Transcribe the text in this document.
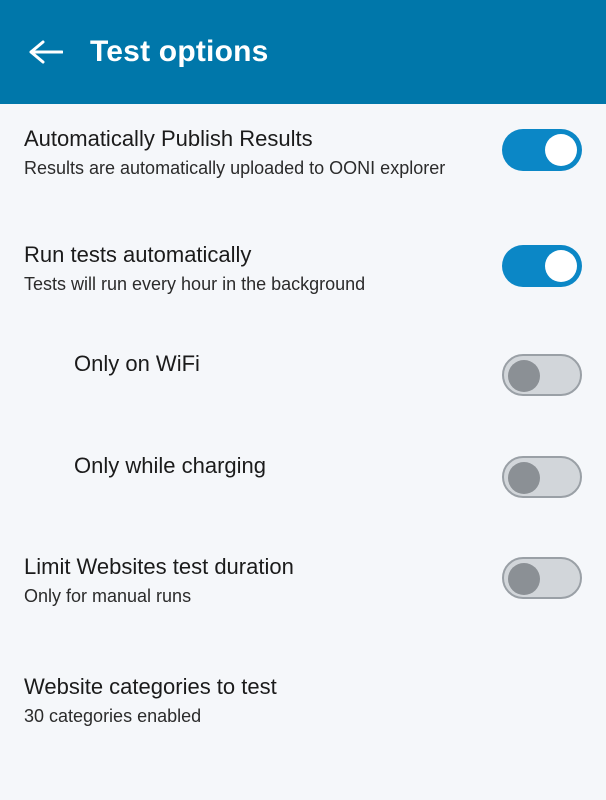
Test options
Automatically Publish Results
Results are automatically uploaded to OONI explorer
Run tests automatically
Tests will run every hour in the background
Only on WiFi
Only while charging
Limit Websites test duration
Only for manual runs
Website categories to test
30 categories enabled
